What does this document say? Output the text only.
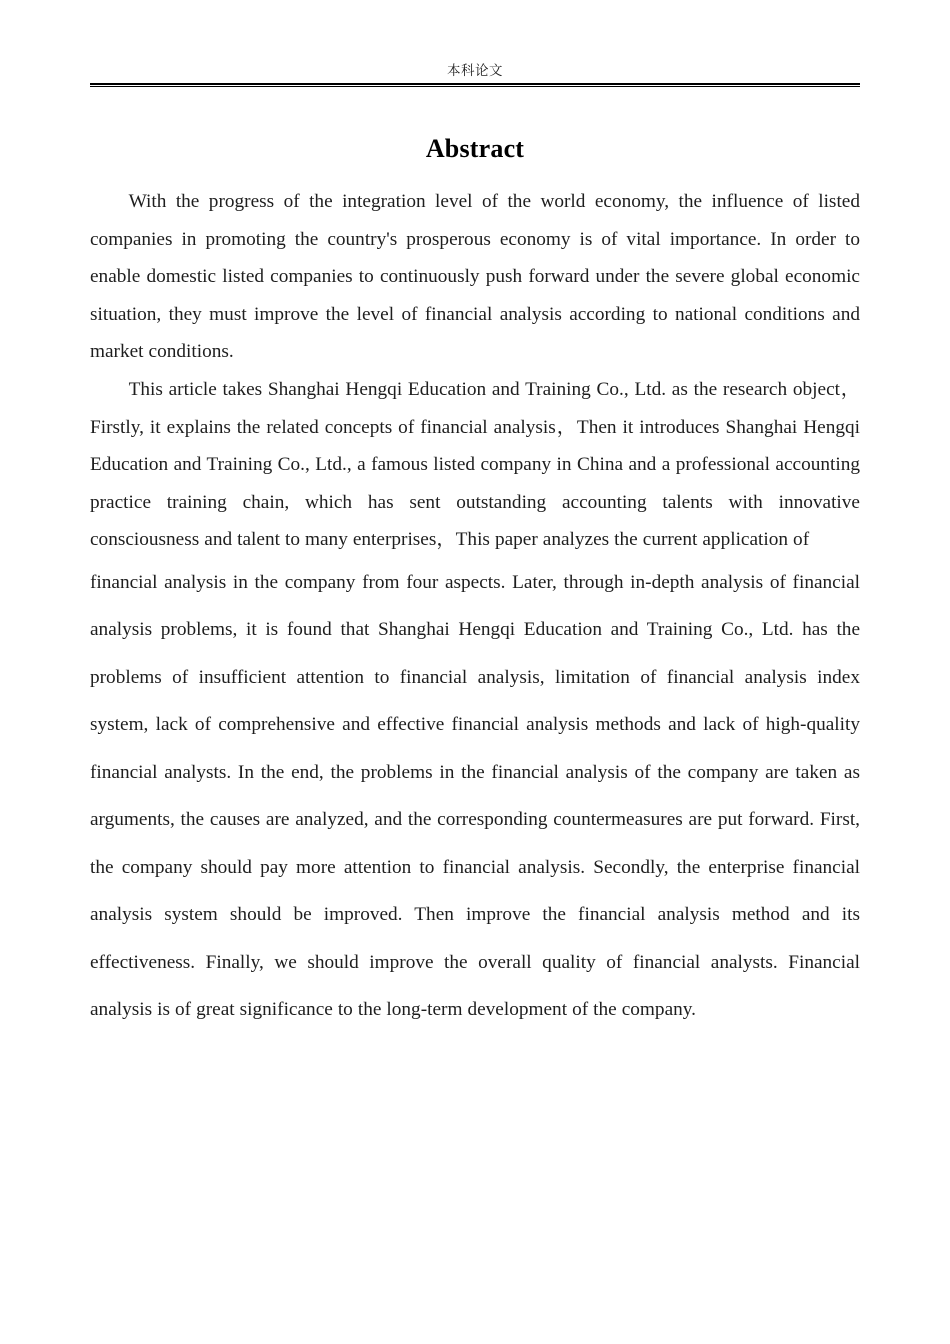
本科论文
Abstract

With the progress of the integration level of the world economy, the influence of listed companies in promoting the country's prosperous economy is of vital importance. In order to enable domestic listed companies to continuously push forward under the severe global economic situation, they must improve the level of financial analysis according to national conditions and market conditions.

This article takes Shanghai Hengqi Education and Training Co., Ltd. as the research object，Firstly, it explains the related concepts of financial analysis，Then it introduces Shanghai Hengqi Education and Training Co., Ltd., a famous listed company in China and a professional accounting practice training chain, which has sent outstanding accounting talents with innovative consciousness and talent to many enterprises，This paper analyzes the current application of

financial analysis in the company from four aspects. Later, through in-depth analysis of financial analysis problems, it is found that Shanghai Hengqi Education and Training Co., Ltd. has the problems of insufficient attention to financial analysis, limitation of financial analysis index system, lack of comprehensive and effective financial analysis methods and lack of high-quality financial analysts. In the end, the problems in the financial analysis of the company are taken as arguments, the causes are analyzed, and the corresponding countermeasures are put forward. First, the company should pay more attention to financial analysis. Secondly, the enterprise financial analysis system should be improved. Then improve the financial analysis method and its effectiveness. Finally, we should improve the overall quality of financial analysts. Financial analysis is of great significance to the long-term development of the company.
